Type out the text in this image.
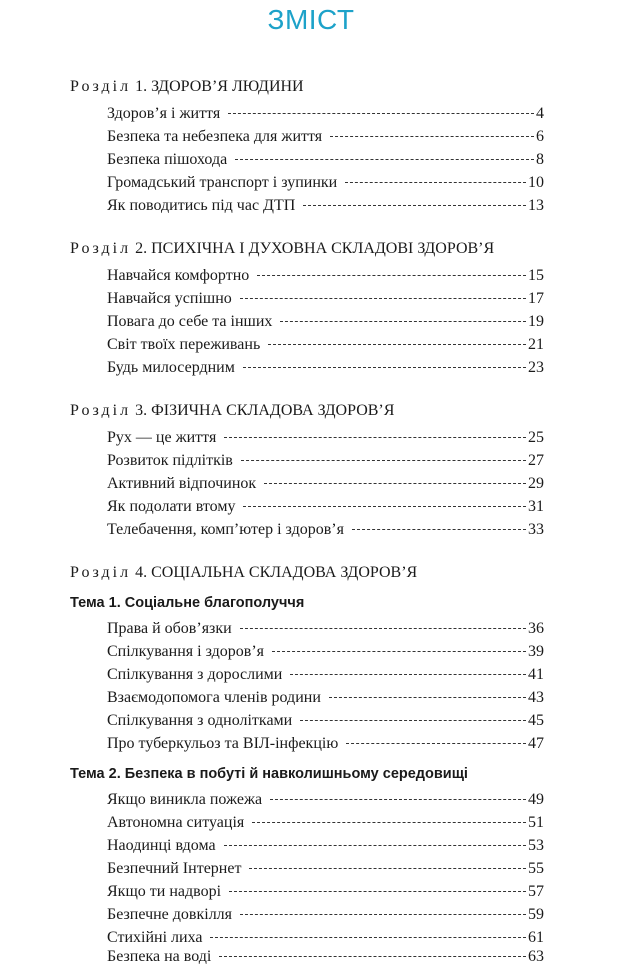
ЗМІСТ
Розділ 1. ЗДОРОВ’Я ЛЮДИНИ
Здоров’я і життя	4
Безпека та небезпека для життя	6
Безпека пішохода	8
Громадський транспорт і зупинки	10
Як поводитись під час ДТП	13
Розділ 2. ПСИХІЧНА І ДУХОВНА СКЛАДОВІ ЗДОРОВ’Я
Навчайся комфортно	15
Навчайся успішно	17
Повага до себе та інших	19
Світ твоїх переживань	21
Будь милосердним	23
Розділ 3. ФІЗИЧНА СКЛАДОВА ЗДОРОВ’Я
Рух — це життя	25
Розвиток підлітків	27
Активний відпочинок	29
Як подолати втому	31
Телебачення, комп’ютер і здоров’я	33
Розділ 4. СОЦІАЛЬНА СКЛАДОВА ЗДОРОВ’Я
Тема 1. Соціальне благополуччя
Права й обов’язки	36
Спілкування і здоров’я	39
Спілкування з дорослими	41
Взаємодопомога членів родини	43
Спілкування з однолітками	45
Про туберкульоз та ВІЛ-інфекцію	47
Тема 2. Безпека в побуті й навколишньому середовищі
Якщо виникла пожежа	49
Автономна ситуація	51
Наодинці вдома	53
Безпечний Інтернет	55
Якщо ти надворі	57
Безпечне довкілля	59
Стихійні лиха	61
Безпека на воді	63
